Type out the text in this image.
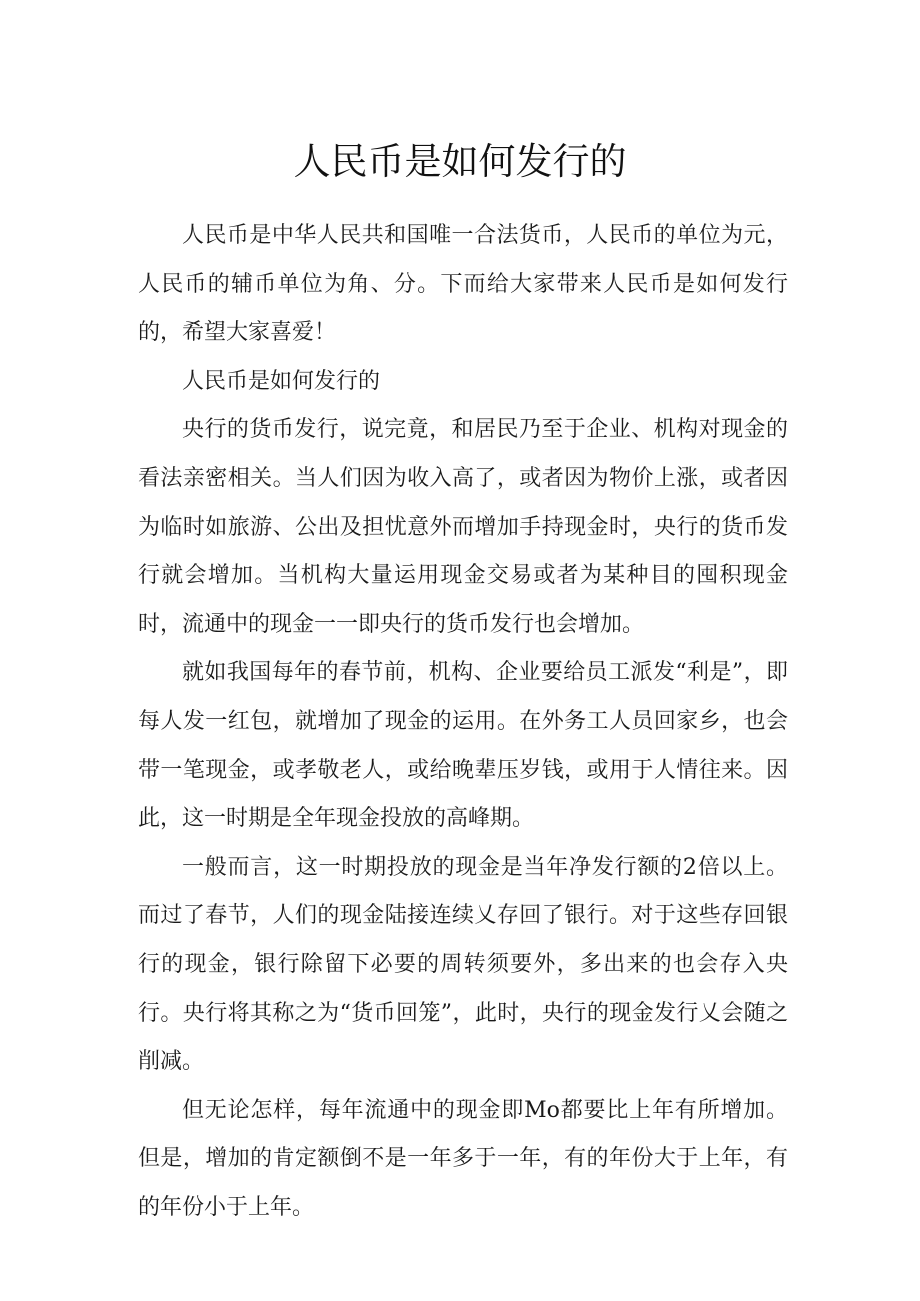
人民币是如何发行的

人民币是中华人民共和国唯一合法货币，人民币的单位为元，人民币的辅币单位为角、分。下而给大家带来人民币是如何发行的，希望大家喜爱！

人民币是如何发行的

央行的货币发行，说完竟，和居民乃至于企业、机构对现金的看法亲密相关。当人们因为收入高了，或者因为物价上涨，或者因为临时如旅游、公出及担忧意外而增加手持现金时，央行的货币发行就会增加。当机构大量运用现金交易或者为某种目的囤积现金时，流通中的现金一一即央行的货币发行也会增加。

就如我国每年的春节前，机构、企业要给员工派发“利是”，即每人发一红包，就增加了现金的运用。在外务工人员回家乡，也会带一笔现金，或孝敬老人，或给晚辈压岁钱，或用于人情往来。因此，这一时期是全年现金投放的高峰期。

一般而言，这一时期投放的现金是当年净发行额的2倍以上。而过了春节，人们的现金陆接连续乂存回了银行。对于这些存回银行的现金，银行除留下必要的周转须要外，多出来的也会存入央行。央行将其称之为“货币回笼”，此时，央行的现金发行乂会随之削减。

但无论怎样，每年流通中的现金即Mo都要比上年有所增加。但是，增加的肯定额倒不是一年多于一年，有的年份大于上年，有的年份小于上年。
